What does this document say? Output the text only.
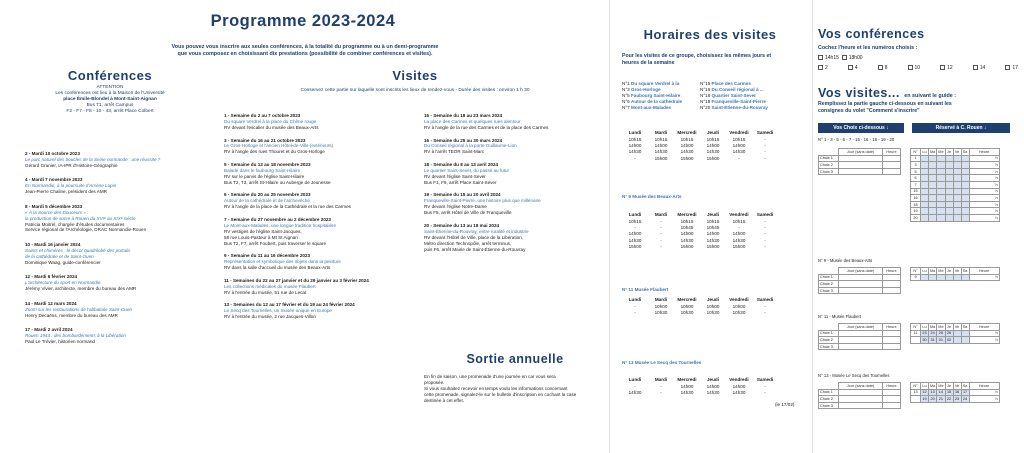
Programme 2023-2024
Vous pouvez vous inscrire aux seules conférences, à la totalité du programme ou à un demi-programme
que vous composez en choisissant dix prestations (possibilité de combiner conférences et visites).
Conférences
ATTENTION
Les conférences ont lieu à la Maison de l'Université
place Émile-Blondel à Mont-Saint-Aignan
Bus T1, arrêt Campus
F2 - F7 - F8 - 10 - 43, arrêt Place Colbert
2 - Mardi 10 octobre 2023
Le parc naturel des boucles de la Seine normande : une réussite ?
Gérard Granier, IA-IPR d'Histoire-Géographie
4 - Mardi 7 novembre 2023
En Normandie, à la poursuite d'Arsène Lupin
Jean-Pierre Chaline, président des AMR
8 - Mardi 5 décembre 2023
« À la Source des Douceurs » :
la production de sucre à Rouen du XVIᵉ au XIXᵉ siècle
Patricia Moitrel, chargée d'études documentaires
Service régional de l'Archéologie, DRAC Normandie-Rouen
10 - Mardi 16 janvier 2024
Saints et chimères : le décor quadrilobé des portails
de la cathédrale et de Saint-Ouen
Dominique Waag, guide-conférencier
12 - Mardi 6 février 2024
L'architecture du sport en Normandie
Jérémy Vivier, architecte, membre du bureau des AMR
14 - Mardi 12 mars 2024
Zoom sur les restaurations de l'abbatiale Saint-Ouen
Henry Decaëns, membre du bureau des AMR
17 - Mardi 2 avril 2024
Rouen 1944 : des bombardements à la Libération
Paul Le Trévier, historien normand
Visites
Conservez cette partie sur laquelle sont inscrits les lieux de rendez-vous - Durée des visites : environ 1 h 30
1 - Semaine du 2 au 7 octobre 2023
Du square Verdrel à la place du Chêne rouge
RV devant l'escalier du musée des Beaux-Arts
3 - Semaine du 16 au 21 octobre 2023
Le Gros-Horloge et l'ancien Hôtel-de-Ville (extérieurs)
RV à l'angle des rues Thouret et du Gros-Horloge
5 - Semaine du 13 au 18 novembre 2023
Balade dans le faubourg Saint-Hilaire
RV sur le parvis de l'église Saint-Hilaire
Bus T2, T3, arrêt St-Hilaire ou Auberge de Jeunesse
6 - Semaine du 20 au 25 novembre 2023
Autour de la cathédrale et de l'archevêché
RV à l'angle de la place de la Cathédrale et la rue des Carmes
7 - Semaine du 27 novembre au 2 décembre 2023
Le Mont-aux-Malades, une longue tradition hospitalière
RV vestiges de l'église Saint-Jacques,
58 rue Louis-Pasteur à Mt St Aignan
Bus T2, F7, arrêt Foubert, puis traverser le square
9 - Semaine du 11 au 16 décembre 2023
Représentation et symbolique des objets dans la peinture
RV dans la salle d'accueil du musée des Beaux-Arts
11 - Semaines du 22 au 27 janvier et du 29 janvier au 3 février 2024
Les collections médicales du musée Flaubert
RV à l'entrée du musée, 51 rue de Lecat
13 - Semaines du 12 au 17 février et du 19 au 24 février 2024
Le Secq des Tournelles, un musée unique en Europe
RV à l'entrée du musée, 2 rue Jacques-Villon
15 - Semaine du 18 au 23 mars 2024
La place des Carmes et quelques rues alentour
RV à l'angle de la rue des Carmes et de la place des Carmes
16 - Semaine du 25 au 30 mars 2024
Du Conseil régional à la porte Guillaume-Lion
RV à l'arrêt TEOR Saint-Marc
18 - Semaine du 8 au 13 avril 2024
Le quartier Saint-Sever, du passé au futur
RV devant l'église Saint-Sever
Bus F1, F9, arrêt Place Saint-Sever
19 - Semaine du 15 au 20 avril 2024
Franqueville-Saint-Pierre, une histoire plus que millénaire
RV devant l'église Notre-Dame
Bus F5, arrêt Hôtel de Ville de Franqueville
20 - Semaine du 13 au 18 mai 2024
Saint-Étienne-du-Rouvray, entre ruralité et industrie
RV devant l'Hôtel de Ville, place de la Libération,
Métro direction Technopôle, arrêt terminus,
puis F6, arrêt Mairie de Saint-Étienne-du-Rouvray
Sortie annuelle
En fin de saison, une promenade d'une journée en car vous sera
proposée.
Si vous souhaitez recevoir en temps voulu les informations concernant
cette promenade, signalez-le sur le bulletin d'inscription en cochant la case
destinée à cet effet.
Horaires des visites
Pour les visites de ce groupe, choisissez les mêmes jours et
heures de la semaine
N°1 Du square Verdrel à la
N°3 Gros-Horloge
N°5 Faubourg Saint-Hilaire
N°6 Autour de la cathédrale
N°7 Mont-aux-Malades
N°15 Place des Carmes
N°16 Du Conseil régional à ...
N°18 Quartier Saint-Sever
N°19 Franqueville-Saint-Pierre
N°20 Saint-Étienne-du-Rouvray
Lundi	Mardi	Mercredi	Jeudi	Vendredi	Samedi
10h15	10h15	10h15	10h15	10h15	-
14h00	14h00	14h00	14h00	14h00	-
14h30	14h30	14h30	14h30	14h30	-
-	15h00	15h00	15h00	-	-
N° 9 Musée des Beaux-Arts
Lundi	Mardi	Mercredi	Jeudi	Vendredi	Samedi
10h15	-	10h15	10h15	10h15	-
-	-	10h45	10h45	-	-
14h00	-	14h00	14h00	14h00	-
14h30	-	14h30	14h30	14h30	-
15h00	-	15h00	15h00	15h00	-
N° 11 Musée Flaubert
Lundi	Mardi	Mercredi	Jeudi	Vendredi	Samedi
-	10h00	10h00	10h00	10h00	-
-	10h30	10h30	10h30	10h30	-
N° 13 Musée Le Secq des Tournelles
Lundi	Mardi	Mercredi	Jeudi	Vendredi	Samedi
-	-	14h00	14h00	14h00	-
14h30	-	14h30	14h30	14h30	-
(le 17/02)
Vos conférences
Cochez l'heure et les numéros choisis :
14h15 18h00
2	4	8	10	12	14	17
Vos visites... en suivant le guide :
Remplissez la partie gauche ci-dessous en suivant les
consignes du volet "Comment s'inscrire"
Vos Choix ci-dessous ↓	Réservé à C. Rouen ↓
N° 1 - 3 - 5 - 6 - 7 - 15 - 16 - 18 - 19 - 20
	Jour (sans date)	Heure
Choix 1		
Choix 2		
Choix 3		
N°	Lu	Ma	Me	Je	Ve	Sa	Heure
1							h
3							h
5							h
6							h
7							h
15							h
16							h
18							h
19							h
20							h
N° 9 - Musée des Beaux-Arts
	Jour (sans date)	Heure
Choix 1		
Choix 2		
Choix 3		
N°	Lu	Ma	Me	Je	Ve	Sa	Heure
9							h
N° 11 - Musée Flaubert
	Jour (sans date)	Heure
Choix 1		
Choix 2		
Choix 3		
N°	Lu	Ma	Me	Je	Ve	Sa	Heure
11	23	24	25	26			h
	30	31	01	02			h
N° 13 - Musée Le Secq des Tournelles
	Jour (sans date)	Heure
Choix 1		
Choix 2		
Choix 3		
N°	Lu	Ma	Me	Je	Ve	Sa	Heure
13	12	13	14	15	16	17	h
	19	20	21	22	23	24	h
